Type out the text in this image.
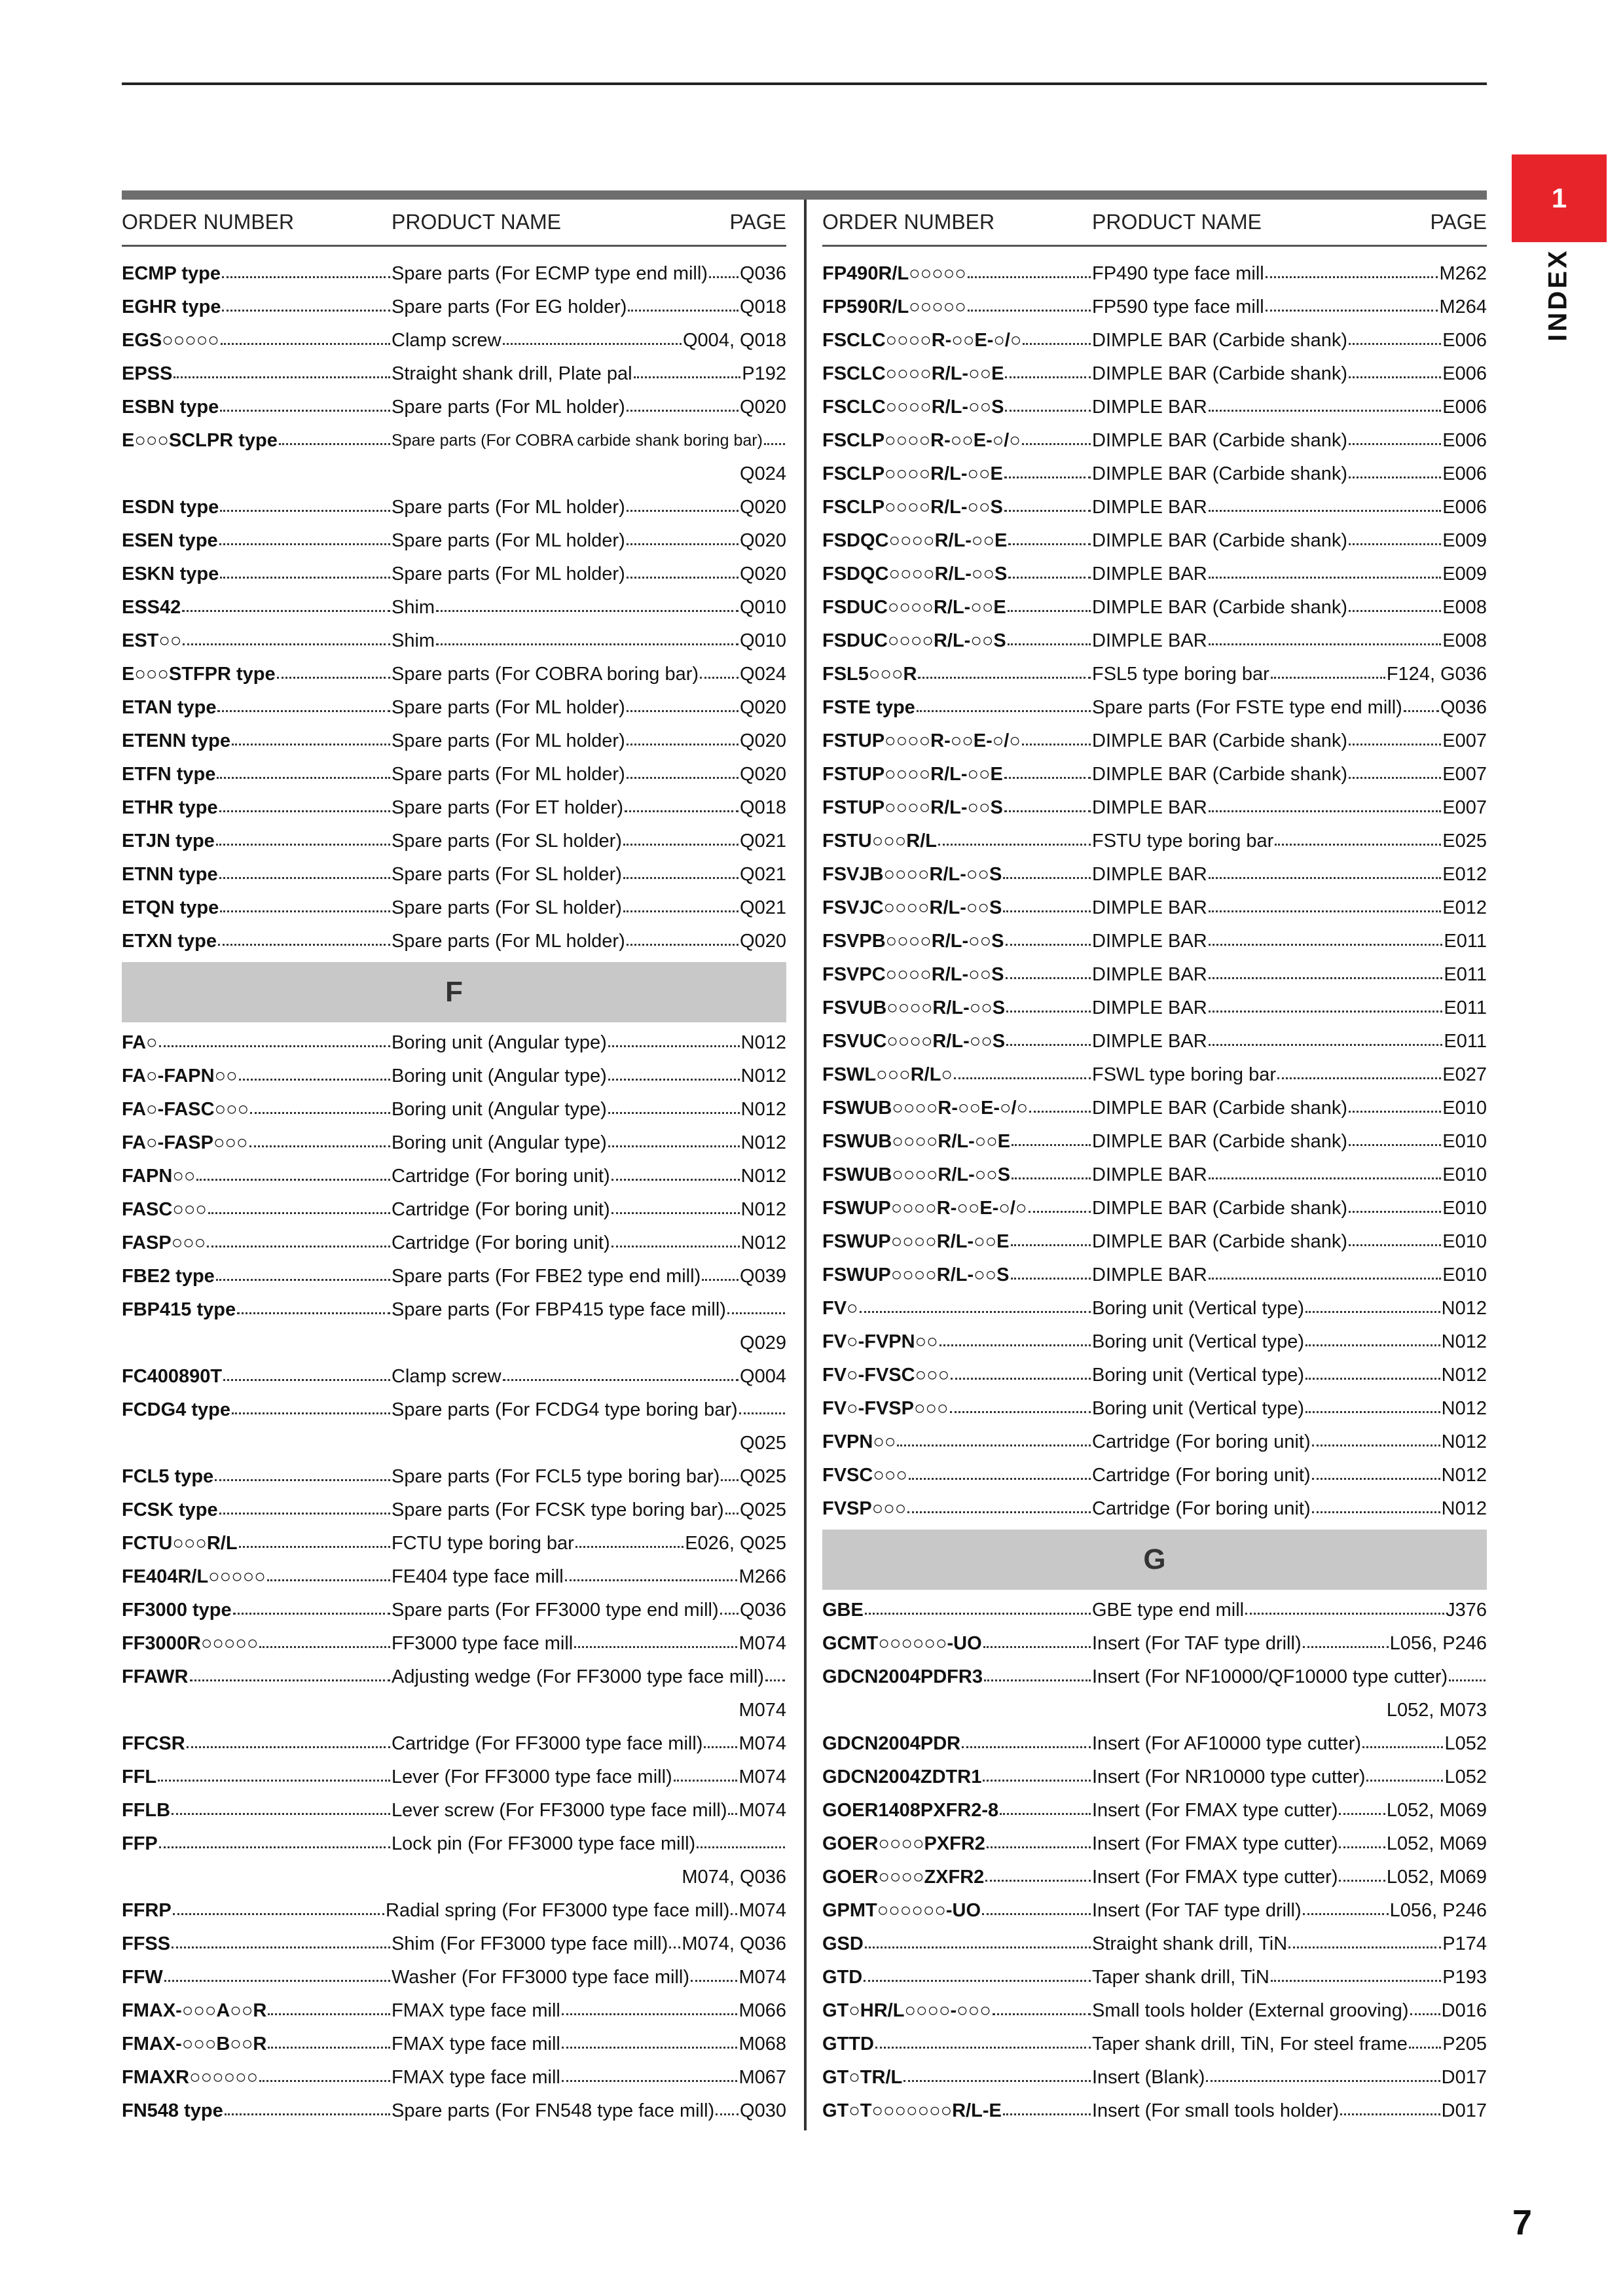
1
INDEX
ORDER NUMBER	PRODUCT NAME	PAGE
ECMP type	Spare parts (For ECMP type end mill) Q036
EGHR type	Spare parts (For EG holder)	Q018
EGS○○○○○	Clamp screw	Q004, Q018
EPSS	Straight shank drill, Plate pal	P192
ESBN type	Spare parts (For ML holder)	Q020
E○○○SCLPR type	Spare parts (For COBRA carbide shank boring bar)
Q024
ESDN type	Spare parts (For ML holder)	Q020
ESEN type	Spare parts (For ML holder)	Q020
ESKN type	Spare parts (For ML holder)	Q020
ESS42	Shim	Q010
EST○○	Shim	Q010
E○○○STFPR type	Spare parts (For COBRA boring bar) Q024
ETAN type	Spare parts (For ML holder)	Q020
ETENN type	Spare parts (For ML holder)	Q020
ETFN type	Spare parts (For ML holder)	Q020
ETHR type	Spare parts (For ET holder)	Q018
ETJN type	Spare parts (For SL holder)	Q021
ETNN type	Spare parts (For SL holder)	Q021
ETQN type	Spare parts (For SL holder)	Q021
ETXN type	Spare parts (For ML holder)	Q020
F
FA○	Boring unit (Angular type)	N012
FA○-FAPN○○	Boring unit (Angular type)	N012
FA○-FASC○○○	Boring unit (Angular type)	N012
FA○-FASP○○○	Boring unit (Angular type)	N012
FAPN○○	Cartridge (For boring unit)	N012
FASC○○○	Cartridge (For boring unit)	N012
FASP○○○	Cartridge (For boring unit)	N012
FBE2 type	Spare parts (For FBE2 type end mill) Q039
FBP415 type	Spare parts (For FBP415 type face mill)
Q029
FC400890T	Clamp screw	Q004
FCDG4 type	Spare parts (For FCDG4 type boring bar)
Q025
FCL5 type	Spare parts (For FCL5 type boring bar) Q025
FCSK type	Spare parts (For FCSK type boring bar) Q025
FCTU○○○R/L	FCTU type boring bar	E026, Q025
FE404R/L○○○○○	FE404 type face mill	M266
FF3000 type	Spare parts (For FF3000 type end mill) Q036
FF3000R○○○○○	FF3000 type face mill	M074
FFAWR	Adjusting wedge (For FF3000 type face mill)
M074
FFCSR	Cartridge (For FF3000 type face mill) M074
FFL	Lever (For FF3000 type face mill)	M074
FFLB	Lever screw (For FF3000 type face mill) M074
FFP	Lock pin (For FF3000 type face mill)
M074, Q036
FFRP	Radial spring (For FF3000 type face mill) M074
FFSS	Shim (For FF3000 type face mill) M074, Q036
FFW	Washer (For FF3000 type face mill)	M074
FMAX-○○○A○○R	FMAX type face mill	M066
FMAX-○○○B○○R	FMAX type face mill	M068
FMAXR○○○○○○	FMAX type face mill	M067
FN548 type	Spare parts (For FN548 type face mill) Q030
ORDER NUMBER	PRODUCT NAME	PAGE
FP490R/L○○○○○	FP490 type face mill	M262
FP590R/L○○○○○	FP590 type face mill	M264
FSCLC○○○○R-○○E-○/○	DIMPLE BAR (Carbide shank)	E006
FSCLC○○○○R/L-○○E	DIMPLE BAR (Carbide shank)	E006
FSCLC○○○○R/L-○○S	DIMPLE BAR	E006
FSCLP○○○○R-○○E-○/○	DIMPLE BAR (Carbide shank)	E006
FSCLP○○○○R/L-○○E	DIMPLE BAR (Carbide shank)	E006
FSCLP○○○○R/L-○○S	DIMPLE BAR	E006
FSDQC○○○○R/L-○○E	DIMPLE BAR (Carbide shank)	E009
FSDQC○○○○R/L-○○S	DIMPLE BAR	E009
FSDUC○○○○R/L-○○E	DIMPLE BAR (Carbide shank)	E008
FSDUC○○○○R/L-○○S	DIMPLE BAR	E008
FSL5○○○R	FSL5 type boring bar	F124, G036
FSTE type	Spare parts (For FSTE type end mill) Q036
FSTUP○○○○R-○○E-○/○	DIMPLE BAR (Carbide shank)	E007
FSTUP○○○○R/L-○○E	DIMPLE BAR (Carbide shank)	E007
FSTUP○○○○R/L-○○S	DIMPLE BAR	E007
FSTU○○○R/L	FSTU type boring bar	E025
FSVJB○○○○R/L-○○S	DIMPLE BAR	E012
FSVJC○○○○R/L-○○S	DIMPLE BAR	E012
FSVPB○○○○R/L-○○S	DIMPLE BAR	E011
FSVPC○○○○R/L-○○S	DIMPLE BAR	E011
FSVUB○○○○R/L-○○S	DIMPLE BAR	E011
FSVUC○○○○R/L-○○S	DIMPLE BAR	E011
FSWL○○○R/L○	FSWL type boring bar	E027
FSWUB○○○○R-○○E-○/○	DIMPLE BAR (Carbide shank)	E010
FSWUB○○○○R/L-○○E	DIMPLE BAR (Carbide shank)	E010
FSWUB○○○○R/L-○○S	DIMPLE BAR	E010
FSWUP○○○○R-○○E-○/○	DIMPLE BAR (Carbide shank)	E010
FSWUP○○○○R/L-○○E	DIMPLE BAR (Carbide shank)	E010
FSWUP○○○○R/L-○○S	DIMPLE BAR	E010
FV○	Boring unit (Vertical type)	N012
FV○-FVPN○○	Boring unit (Vertical type)	N012
FV○-FVSC○○○	Boring unit (Vertical type)	N012
FV○-FVSP○○○	Boring unit (Vertical type)	N012
FVPN○○	Cartridge (For boring unit)	N012
FVSC○○○	Cartridge (For boring unit)	N012
FVSP○○○	Cartridge (For boring unit)	N012
G
GBE	GBE type end mill	J376
GCMT○○○○○○-UO	Insert (For TAF type drill)	L056, P246
GDCN2004PDFR3	Insert (For NF10000/QF10000 type cutter)
L052, M073
GDCN2004PDR	Insert (For AF10000 type cutter)	L052
GDCN2004ZDTR1	Insert (For NR10000 type cutter)	L052
GOER1408PXFR2-8	Insert (For FMAX type cutter)	L052, M069
GOER○○○○PXFR2	Insert (For FMAX type cutter)	L052, M069
GOER○○○○ZXFR2	Insert (For FMAX type cutter)	L052, M069
GPMT○○○○○○-UO	Insert (For TAF type drill)	L056, P246
GSD	Straight shank drill, TiN	P174
GTD	Taper shank drill, TiN	P193
GT○HR/L○○○○-○○○	Small tools holder (External grooving) D016
GTTD	Taper shank drill, TiN, For steel frame P205
GT○TR/L	Insert (Blank)	D017
GT○T○○○○○○○R/L-E	Insert (For small tools holder)	D017
7
